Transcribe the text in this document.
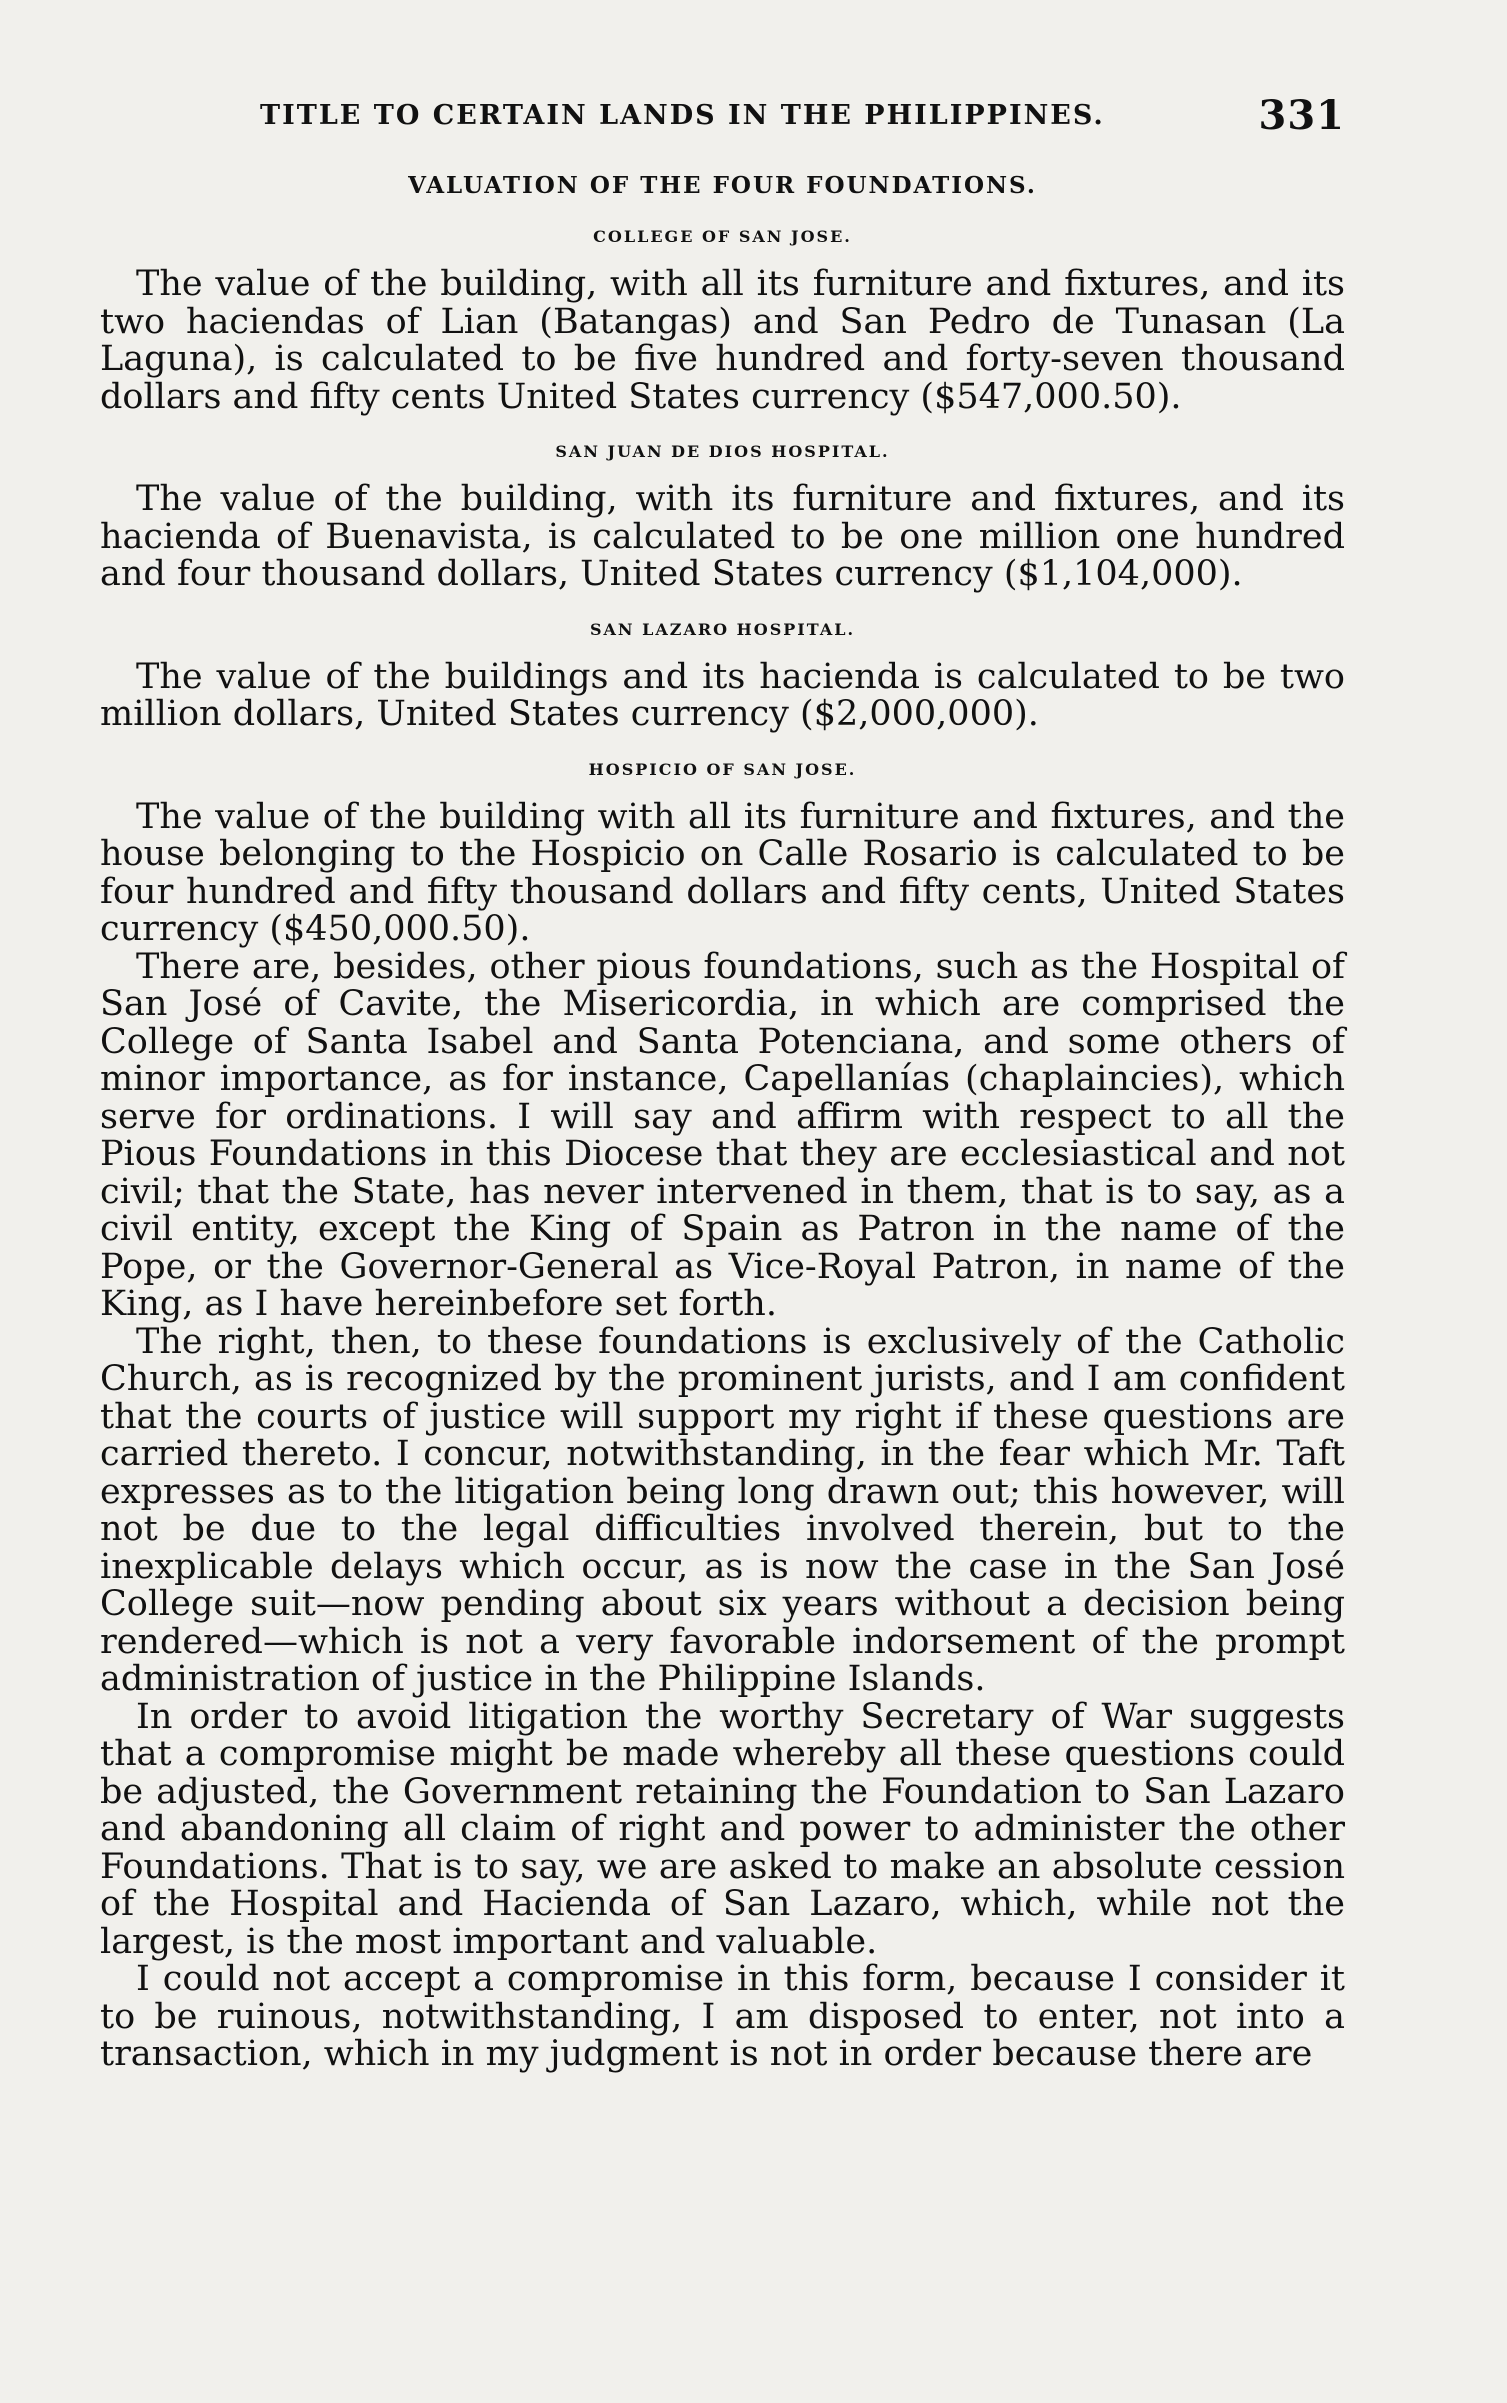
TITLE TO CERTAIN LANDS IN THE PHILIPPINES.	331
VALUATION OF THE FOUR FOUNDATIONS.
COLLEGE OF SAN JOSE.

The value of the building, with all its furniture and fixtures, and its two haciendas of Lian (Batangas) and San Pedro de Tunasan (La Laguna), is calculated to be five hundred and forty-seven thousand dollars and fifty cents United States currency ($547,000.50).

SAN JUAN DE DIOS HOSPITAL.

The value of the building, with its furniture and fixtures, and its hacienda of Buenavista, is calculated to be one million one hundred and four thousand dollars, United States currency ($1,104,000).

SAN LAZARO HOSPITAL.

The value of the buildings and its hacienda is calculated to be two million dollars, United States currency ($2,000,000).

HOSPICIO OF SAN JOSE.

The value of the building with all its furniture and fixtures, and the house belonging to the Hospicio on Calle Rosario is calculated to be four hundred and fifty thousand dollars and fifty cents, United States currency ($450,000.50).

There are, besides, other pious foundations, such as the Hospital of San José of Cavite, the Misericordia, in which are comprised the College of Santa Isabel and Santa Potenciana, and some others of minor importance, as for instance, Capellanías (chaplaincies), which serve for ordinations. I will say and affirm with respect to all the Pious Foundations in this Diocese that they are ecclesiastical and not civil; that the State, has never intervened in them, that is to say, as a civil entity, except the King of Spain as Patron in the name of the Pope, or the Governor-General as Vice-Royal Patron, in name of the King, as I have hereinbefore set forth.

The right, then, to these foundations is exclusively of the Catholic Church, as is recognized by the prominent jurists, and I am confident that the courts of justice will support my right if these questions are carried thereto. I concur, notwithstanding, in the fear which Mr. Taft expresses as to the litigation being long drawn out; this however, will not be due to the legal difficulties involved therein, but to the inexplicable delays which occur, as is now the case in the San José College suit—now pending about six years without a decision being rendered—which is not a very favorable indorsement of the prompt administration of justice in the Philippine Islands.

In order to avoid litigation the worthy Secretary of War suggests that a compromise might be made whereby all these questions could be adjusted, the Government retaining the Foundation to San Lazaro and abandoning all claim of right and power to administer the other Foundations. That is to say, we are asked to make an absolute cession of the Hospital and Hacienda of San Lazaro, which, while not the largest, is the most important and valuable.

I could not accept a compromise in this form, because I consider it to be ruinous, notwithstanding, I am disposed to enter, not into a transaction, which in my judgment is not in order because there are
